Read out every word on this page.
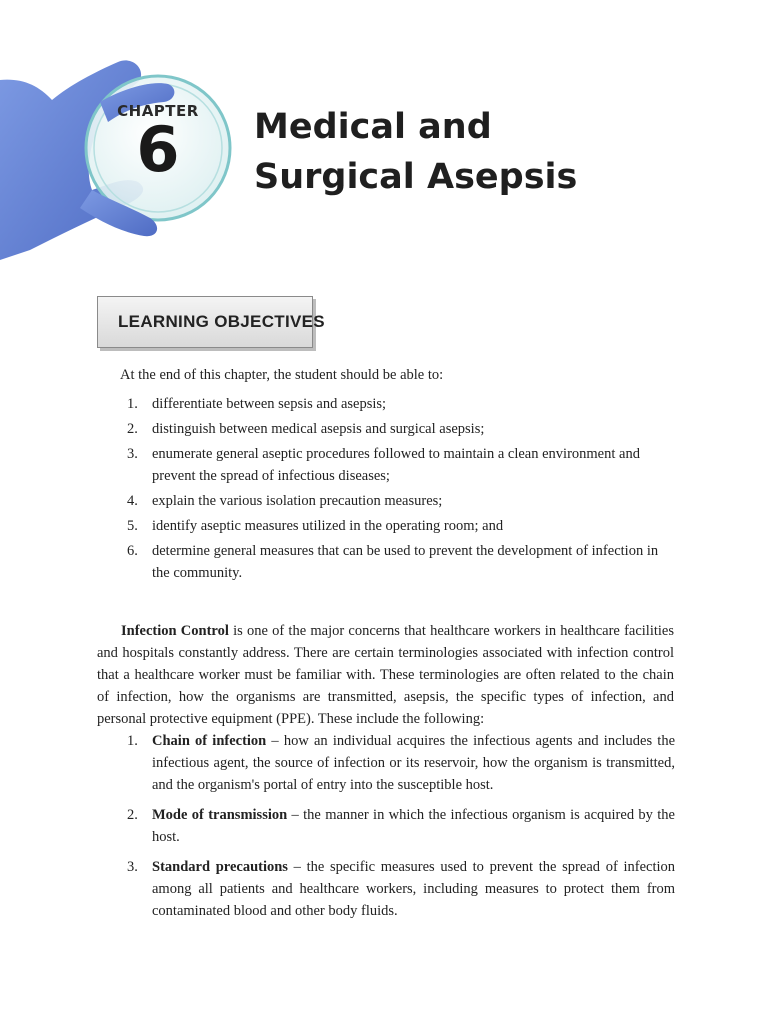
CHAPTER
6	Medical and
Surgical Asepsis
LEARNING OBJECTIVES
At the end of this chapter, the student should be able to:
1. differentiate between sepsis and asepsis;
2. distinguish between medical asepsis and surgical asepsis;
3. enumerate general aseptic procedures followed to maintain a clean environment and prevent the spread of infectious diseases;
4. explain the various isolation precaution measures;
5. identify aseptic measures utilized in the operating room; and
6. determine general measures that can be used to prevent the development of infection in the community.

Infection Control is one of the major concerns that healthcare workers in healthcare facilities and hospitals constantly address. There are certain terminologies associated with infection control that a healthcare worker must be familiar with. These terminologies are often related to the chain of infection, how the organisms are transmitted, asepsis, the specific types of infection, and personal protective equipment (PPE). These include the following:

1. Chain of infection – how an individual acquires the infectious agents and includes the infectious agent, the source of infection or its reservoir, how the organism is transmitted, and the organism's portal of entry into the susceptible host.
2. Mode of transmission – the manner in which the infectious organism is acquired by the host.
3. Standard precautions – the specific measures used to prevent the spread of infection among all patients and healthcare workers, including measures to protect them from contaminated blood and other body fluids.
